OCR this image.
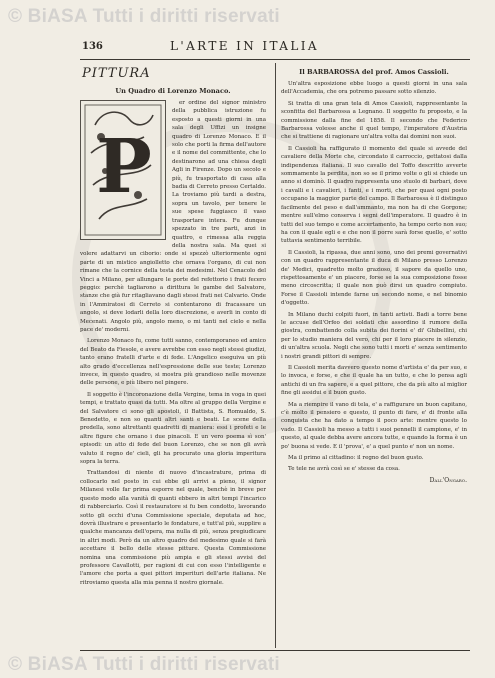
© BiASA Tutti i diritti riservati
136	L'ARTE IN ITALIA
PITTURA
Un Quadro di Lorenzo Monaco.
P

er ordine del signor ministro della pubblica istruzione fu esposto a questi giorni in una sala degli Uffizi un insigne quadro di Lorenzo Monaco. E il solo che porti la firma dell'autore e il nome del committente, che lo destinarono ad una chiesa degli Agli in Firenze. Dopo un secolo e più, fu trasportato di casa alla badia di Cerreto presso Certaldo. La troviamo più tardi a destra, sopra un tavolo, per tenere le sue spese fuggiasco il vaso trasportare intera. Fu dunque spezzato in tre parti, anzi in quattro, e rimessa alla reggia della nostra sala. Ma quei si volere adattarvi un ciborio: onde si spezzò ulteriormente ogni parte di un mistico angiolletto che ornava l'organo, di cui non rimane che la cornice della testa dei medesimi. Nel Cenacolo del Vinci a Milano, per allungare le porte del refettorio i frati fecero peggio: perchè tagliarono a dirittura le gambe del Salvatore, stanze che già fur ritagliavano dagli stessi frati nei Calvario. Onde in l'Ammiratosi di Cerreto si contentarono di fracassare un angolo, si deve lodarli della loro discrezione, e averli in conto di Mecenati. Angolo più, angolo meno, o mi tanti nel cielo e nella pace de' moderni.

Lorenzo Monaco fu, come tutti sanno, contemporaneo ed amico del Beato da Fiesole, e avere avrebbe con esso negli stessi giudizi, tanto erano fratelli d'arte e di fede. L'Angelico eseguiva un più alto grado d'eccellenza nell'espressione delle sue teste; Lorenzo invece, in questo quadro, si mostra più grandioso nelle movenze delle persone, e più libero nel pingere.

Il soggetto è l'incoronazione della Vergine, tema in voga in quei tempi, e trattato quasi da tutti. Ma oltre al gruppo della Vergine e del Salvatore ci sono gli apostoli, il Battista, S. Romualdo, S. Benedetto, e non so quanti altri santi e beati. Le scene della predella, sono altrettanti quadretti di maniera: essi i profeti e le altre figure che ornano i due pinacoli. E un vero poema sì son' episodi: un atto di fede del buon Lorenzo, che se non gli avrà valuto il regno de' cieli, gli ha procurato una gloria imperitura sopra la terra.

Trattandosi di niente di nuovo d'incastrature, prima di collocarlo nel posto in cui ebbe gli arrivi a pieno, il signor Milanesi volle far prima esporre nel quale, benchè in breve per questo modo alla vanità di quanti ebbero in altri tempi l'incarico di rabberciarlo. Così il restauratore si fu ben condotto, lavorando sotto gli occhi d'una Commissione speciale, deputata ad hoc, dovrà illustrare e presentarlo le fondature, e tutt'al più, supplire a qualche mancanza dell'opera, ma nulla di più, senza pregiudicare in altri modi. Però da un altro quadro del medesimo quale si farà accettare il bello delle stesse pitture. Questa Commissione nomina una commissione più ampia e gli stessi avvisi del professore Cavallotti, per ragioni di cui con esso l'intelligente e l'amore che porta a quei pittori imperituri dell'arte italiana. Ne ritroviamo questa alla mia penna il nostro giornale.

Il BARBAROSSA del prof. Amos Cassioli.

Un'altra esposizione ebbe luogo a questi giorni in una sala dell'Accademia, che ora potremo passare sotto silenzio.

Si tratta di una gran tela di Amos Cassioli, rappresentante la sconfitta del Barbarossa a Legnano. Il soggetto fu proposto, e la commissione dalla fine del 1858. Il secondo che Federico Barbarossa volesse anche il quel tempo, l'imperatore d'Austria che si trattiene di ragionare un'altra volta dai domini non suoi.

Il Cassioli ha raffigurato il momento del quale si avvede del cavaliere della Morte che, circondato il carroccio, gettatosi dalla indipendenza italiana. Il suo cavallo del Toffo descritto avverte sommamente la perdita, non so se il primo volte o gli si chiede un anno si dominò. Il quadro rappresenta uno stuolo di barbari, dove i cavalli e i cavalieri, i fanti, e i morti, che per quasi ogni posto occupano la maggior parte del campo. Il Barbarossa è il distinguo facilmente del peso e dall'ammanto, ma non ha di che Gorgone; mentre sull'elmo conserva i segni dell'imperatore. Il quadro è in tutti del suo tempo e come accertamento, ha tempo certo non suo; ha con il quale egli e e che non il porre sarà forse quello, e' sotto tuttavia sentimento terribile.

Il Cassioli, la ripassa, due anni sono, uno dei premi governativi con un quadro rappresentante il duca di Milano presso Lorenzo de' Medici, quadretto molto grazioso, il sapore da quello uno, rispettosamente e' un piacere, forse se la sua composizione fosse meno circoscritta; il quale non può dirsi un quadro compiuto. Forse il Cassioli intende farne un secondo nome, e nel binomio d'oggetto.

In Milano duchi colpiti fuori, in tanti artisti. Badi a torre bene le accuse dell'Orfeo dei soldati che assordino il rumore della giostra, combattendo colla subita dei fiorini e' di' Ghibellini, chi per lo studio maniera del vero, chi per il loro piacere in silenzio, di un'altra scuola. Negli che sono tutti i morti e' senza sentimento i nostri grandi pittori di sempre.

Il Cassioli merita davvero questo nome d'artista e' da per suo, e lo invoca, e forse, e che il quale ha un tutto, e che lo pensa agli antichi di un fra sapere, e a quel pittore, che da più alto al miglior fine gli assidui e il buon gusto.

Ma a riempire il vano di tela, e' a raffigurare un buon capitano, c'è molto il pensiero e questo, il punto di fare, e' di fronte alla conquista che ha dato a tempo il poco arte: mentre questo lo vado. Il Cassioli ha messo a tutti i suoi pennelli il campione, e' in questo, al quale debba avere ancora tutte, e quando la forma è un po' buona si vede. E il 'prova', e' a quel punto e' non un nome.

Ma il primo al cittadino: il regno del buon gusto.

Te tele ne avrà così se e' stesse da cosa.

Dall'Ongaro.
© BiASA Tutti i diritti riservati
